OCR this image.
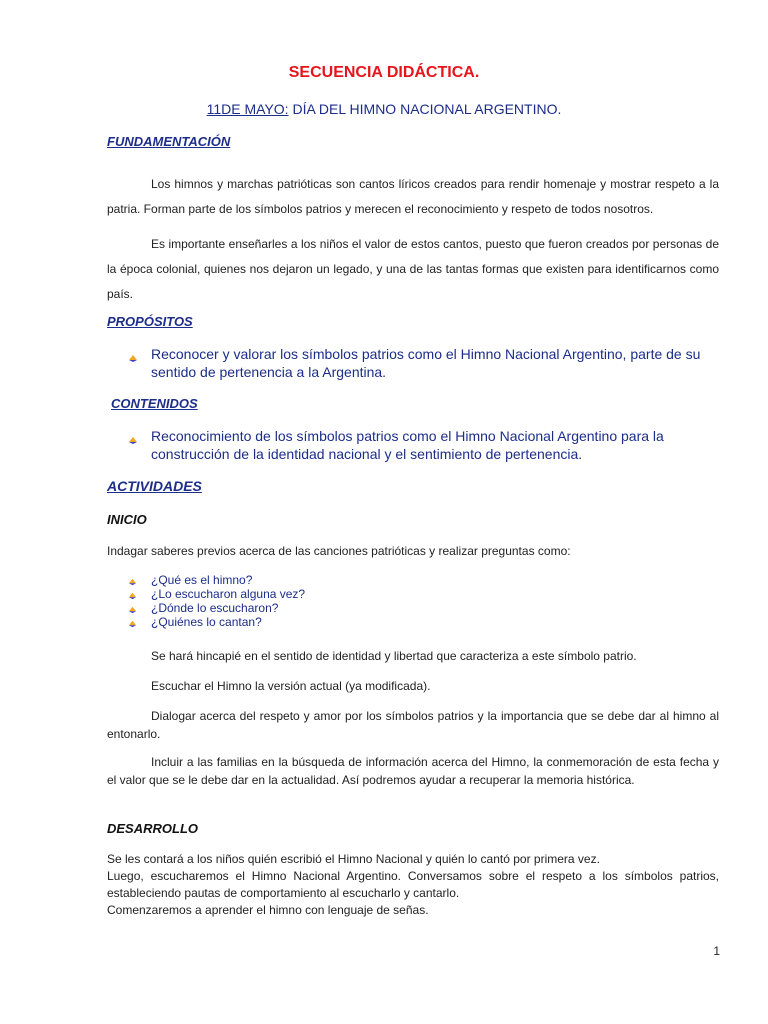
SECUENCIA DIDÁCTICA.
11DE MAYO: DÍA DEL HIMNO NACIONAL ARGENTINO.
FUNDAMENTACIÓN
Los himnos y marchas patrióticas son cantos líricos creados para rendir homenaje y mostrar respeto a la patria. Forman parte de los símbolos patrios y merecen el reconocimiento y respeto de todos nosotros.
Es importante enseñarles a los niños el valor de estos cantos, puesto que fueron creados por personas de la época colonial, quienes nos dejaron un legado, y una de las tantas formas que existen para identificarnos como país.
PROPÓSITOS
Reconocer y valorar los símbolos patrios como el Himno Nacional Argentino, parte de su sentido de pertenencia a la Argentina.
CONTENIDOS
Reconocimiento de los símbolos patrios como el Himno Nacional Argentino para la construcción de la identidad nacional y el sentimiento de pertenencia.
ACTIVIDADES
INICIO
Indagar saberes previos acerca de las canciones patrióticas y realizar preguntas como:
¿Qué es el himno?
¿Lo escucharon alguna vez?
¿Dónde lo escucharon?
¿Quiénes lo cantan?
Se hará hincapié en el sentido de identidad y libertad que caracteriza a este símbolo patrio.
Escuchar el Himno la versión actual (ya modificada).
Dialogar acerca del respeto y amor por los símbolos patrios y la importancia que se debe dar al himno al entonarlo.
Incluir a las familias en la búsqueda de información acerca del Himno, la conmemoración de esta fecha y el valor que se le debe dar en la actualidad. Así podremos ayudar a recuperar la memoria histórica.
DESARROLLO
Se les contará a los niños quién escribió el Himno Nacional y quién lo cantó por primera vez.
Luego, escucharemos el Himno Nacional Argentino. Conversamos sobre el respeto a los símbolos patrios, estableciendo pautas de comportamiento al escucharlo y cantarlo.
Comenzaremos a aprender el himno con lenguaje de señas.
1
